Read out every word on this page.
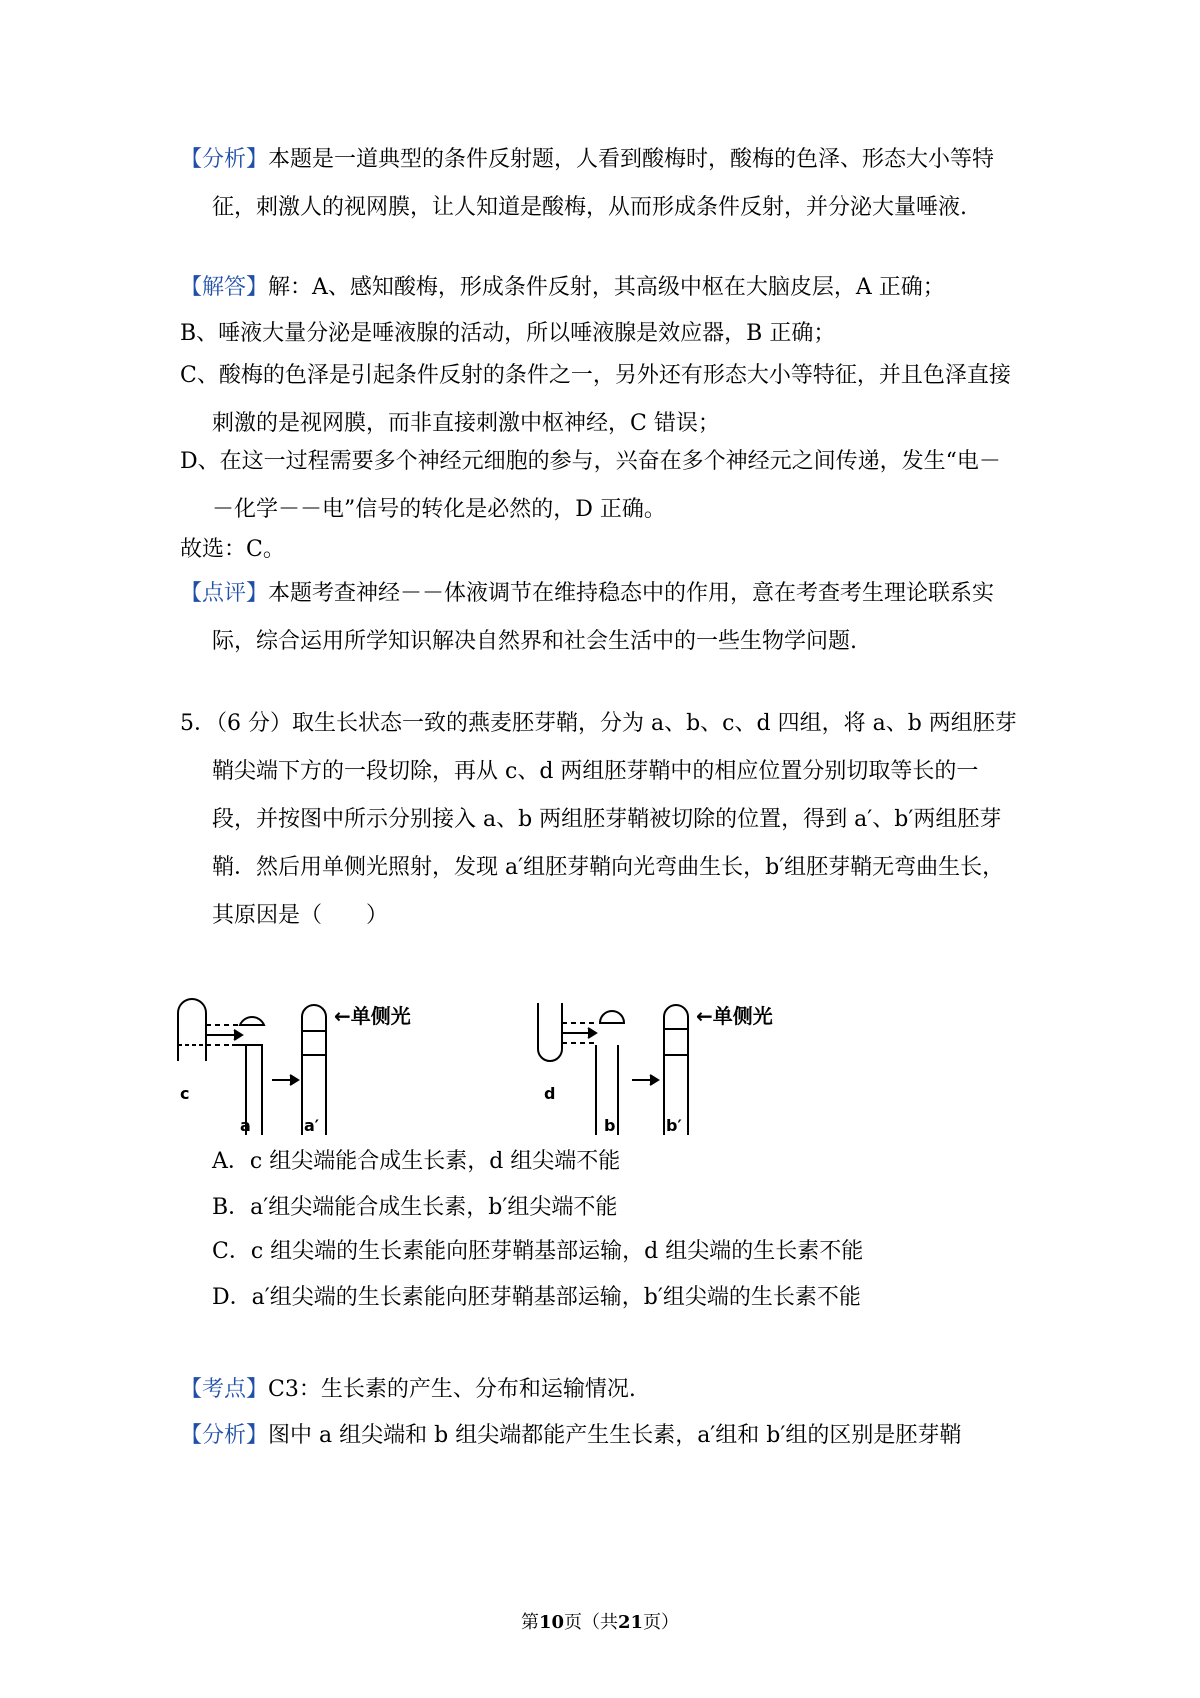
【分析】本题是一道典型的条件反射题，人看到酸梅时，酸梅的色泽、形态大小等特征，刺激人的视网膜，让人知道是酸梅，从而形成条件反射，并分泌大量唾液.

【解答】解：A、感知酸梅，形成条件反射，其高级中枢在大脑皮层，A 正确；

B、唾液大量分泌是唾液腺的活动，所以唾液腺是效应器，B 正确；

C、酸梅的色泽是引起条件反射的条件之一，另外还有形态大小等特征，并且色泽直接刺激的是视网膜，而非直接刺激中枢神经，C 错误；

D、在这一过程需要多个神经元细胞的参与，兴奋在多个神经元之间传递，发生“电－－化学－－电”信号的转化是必然的，D 正确。

故选：C。

【点评】本题考查神经－－体液调节在维持稳态中的作用，意在考查考生理论联系实际，综合运用所学知识解决自然界和社会生活中的一些生物学问题.

5．（6 分）取生长状态一致的燕麦胚芽鞘，分为 a、b、c、d 四组，将 a、b 两组胚芽鞘尖端下方的一段切除，再从 c、d 两组胚芽鞘中的相应位置分别切取等长的一段，并按图中所示分别接入 a、b 两组胚芽鞘被切除的位置，得到 a′、b′两组胚芽鞘．然后用单侧光照射，发现 a′组胚芽鞘向光弯曲生长，b′组胚芽鞘无弯曲生长，其原因是（　　）

←单侧光	←单侧光
c
a	a′
d
b	b′

A．c 组尖端能合成生长素，d 组尖端不能

B．a′组尖端能合成生长素，b′组尖端不能

C．c 组尖端的生长素能向胚芽鞘基部运输，d 组尖端的生长素不能

D．a′组尖端的生长素能向胚芽鞘基部运输，b′组尖端的生长素不能

【考点】C3：生长素的产生、分布和运输情况.

【分析】图中 a 组尖端和 b 组尖端都能产生生长素，a′组和 b′组的区别是胚芽鞘

第10页（共21页）
